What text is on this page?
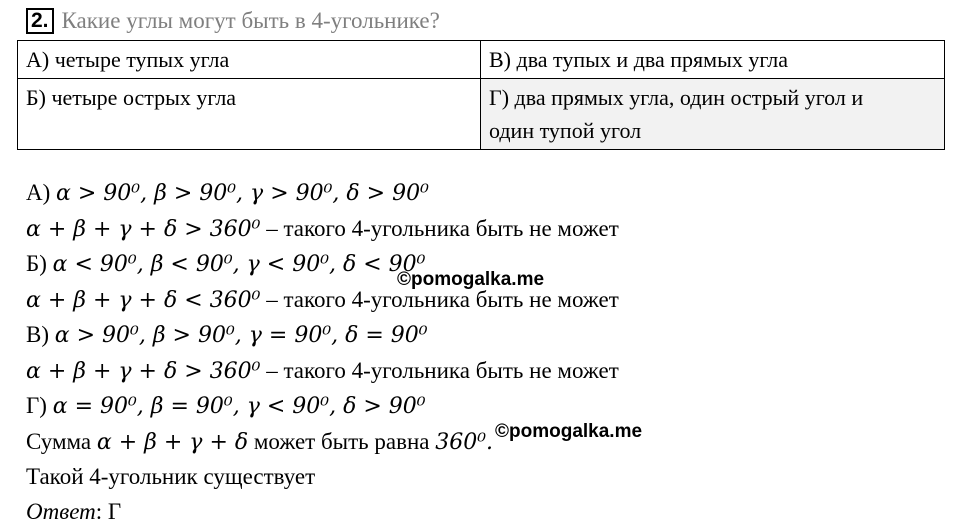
2. Какие углы могут быть в 4-угольнике?
А) четыре тупых угла	В) два тупых и два прямых угла
Б) четыре острых угла	Г) два прямых угла, один острый угол и
один тупой угол
А) α > 90⁰, β > 90⁰, γ > 90⁰, δ > 90⁰
α + β + γ + δ > 360⁰ – такого 4-угольника быть не может
Б) α < 90⁰, β < 90⁰, γ < 90⁰, δ < 90⁰
α + β + γ + δ < 360⁰ – такого 4-угольника быть не может
В) α > 90⁰, β > 90⁰, γ = 90⁰, δ = 90⁰
α + β + γ + δ > 360⁰ – такого 4-угольника быть не может
Г) α = 90⁰, β = 90⁰, γ < 90⁰, δ > 90⁰
Сумма α + β + γ + δ может быть равна 360⁰.
Такой 4-угольник существует
Ответ: Г
©pomogalka.me
©pomogalka.me
